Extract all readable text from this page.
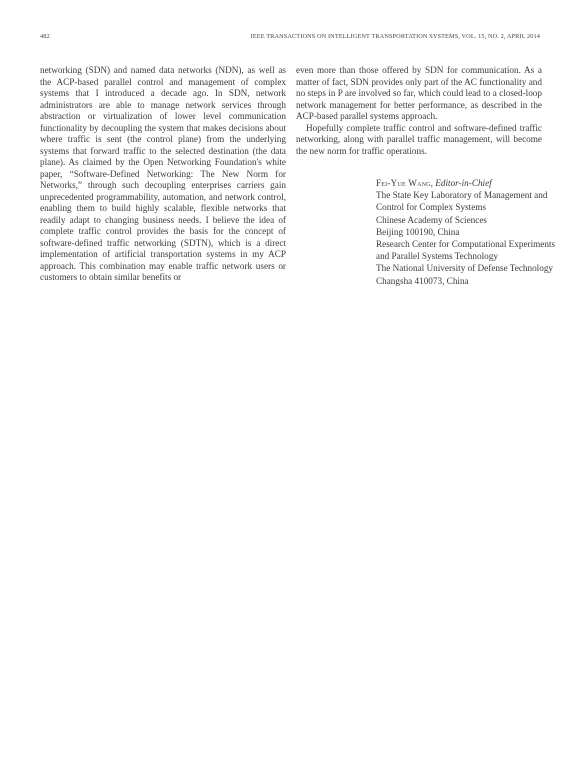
482	IEEE TRANSACTIONS ON INTELLIGENT TRANSPORTATION SYSTEMS, VOL. 15, NO. 2, APRIL 2014

networking (SDN) and named data networks (NDN), as well as the ACP-based parallel control and management of complex systems that I introduced a decade ago. In SDN, network administrators are able to manage network services through abstraction or virtualization of lower level communication functionality by decoupling the system that makes decisions about where traffic is sent (the control plane) from the underlying systems that forward traffic to the selected destination (the data plane). As claimed by the Open Networking Foundation's white paper, “Software-Defined Networking: The New Norm for Networks,” through such decoupling enterprises carriers gain unprecedented programmability, automation, and network control, enabling them to build highly scalable, flexible networks that readily adapt to changing business needs. I believe the idea of complete traffic control provides the basis for the concept of software-defined traffic networking (SDTN), which is a direct implementation of artificial transportation systems in my ACP approach. This combination may enable traffic network users or customers to obtain similar benefits or

even more than those offered by SDN for communication. As a matter of fact, SDN provides only part of the AC functionality and no steps in P are involved so far, which could lead to a closed-loop network management for better performance, as described in the ACP-based parallel systems approach.

Hopefully complete traffic control and software-defined traffic networking, along with parallel traffic management, will become the new norm for traffic operations.

Fei-Yue Wang, Editor-in-Chief
The State Key Laboratory of Management and
Control for Complex Systems
Chinese Academy of Sciences
Beijing 100190, China
Research Center for Computational Experiments
and Parallel Systems Technology
The National University of Defense Technology
Changsha 410073, China
